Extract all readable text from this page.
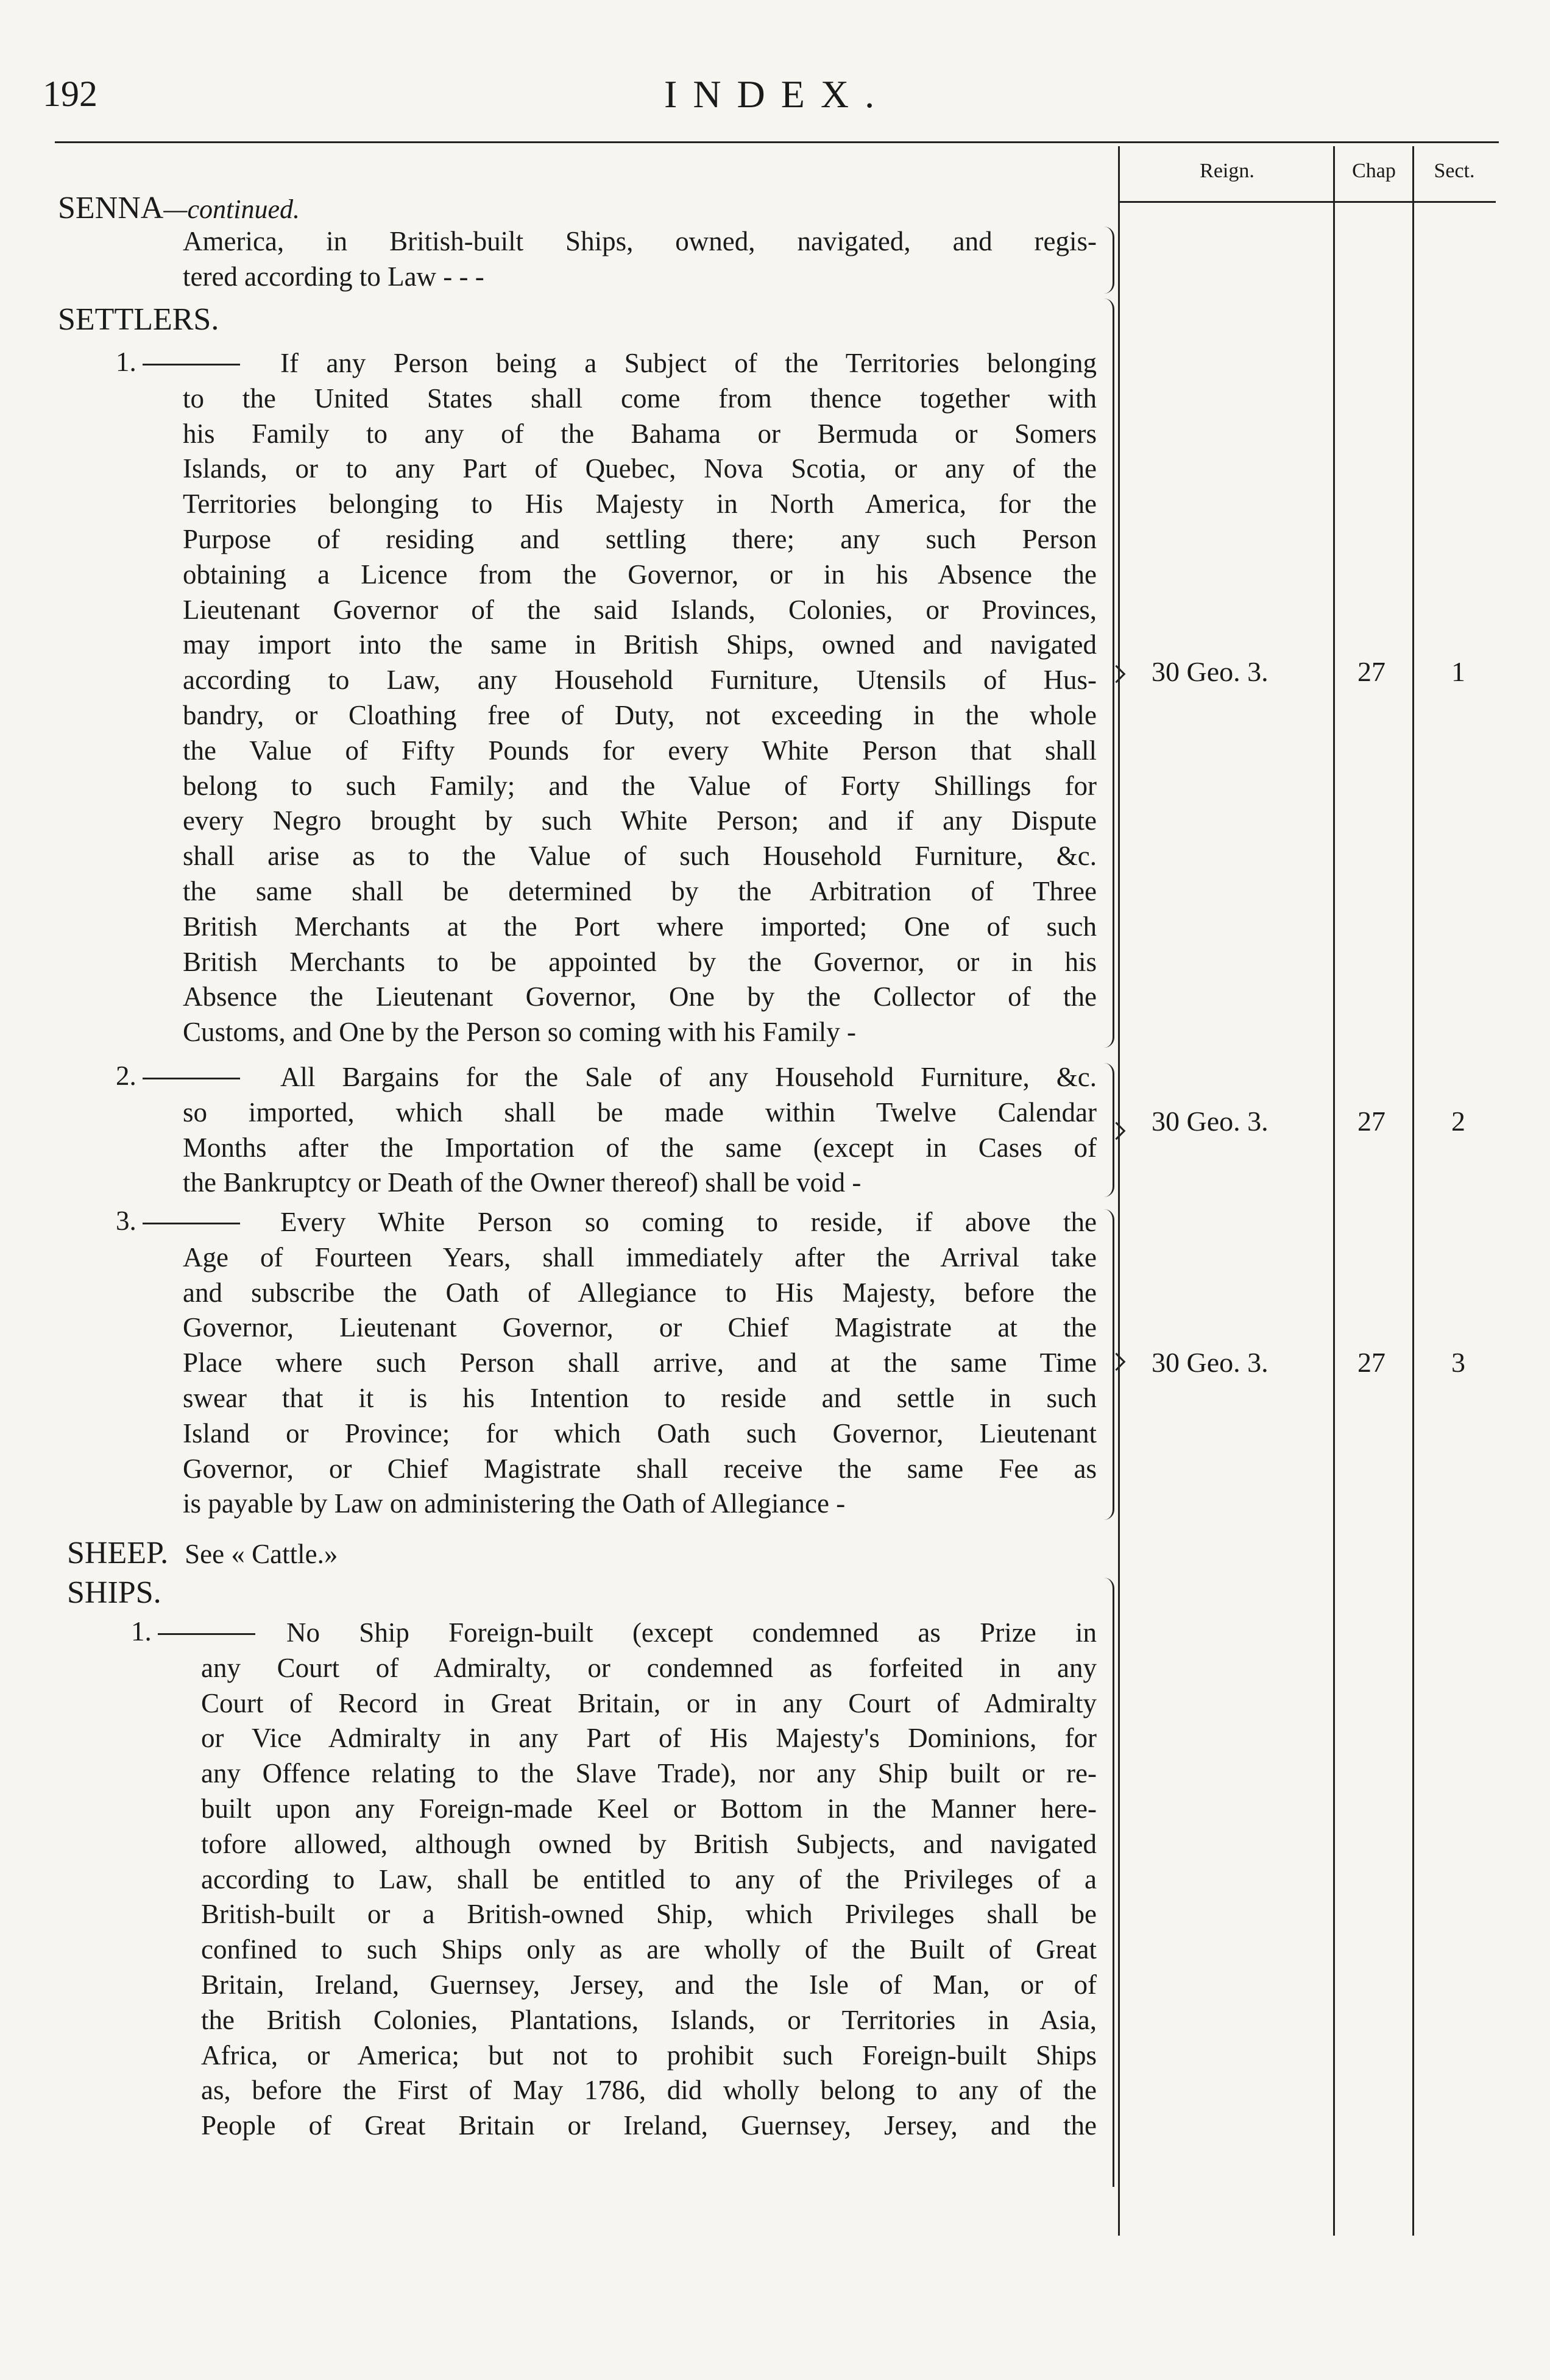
192	INDEX.
Reign.	Chap	Sect.
SENNA—continued.

America, in British-built Ships, owned, navigated, and regis-

tered according to Law - - -

SETTLERS.
1.	If any Person being a Subject of the Territories belonging

to the United States shall come from thence together with

his Family to any of the Bahama or Bermuda or Somers

Islands, or to any Part of Quebec, Nova Scotia, or any of the

Territories belonging to His Majesty in North America, for the

Purpose of residing and settling there; any such Person

obtaining a Licence from the Governor, or in his Absence the

Lieutenant Governor of the said Islands, Colonies, or Provinces,

may import into the same in British Ships, owned and navigated

according to Law, any Household Furniture, Utensils of Hus-

bandry, or Cloathing free of Duty, not exceeding in the whole

the Value of Fifty Pounds for every White Person that shall

belong to such Family; and the Value of Forty Shillings for

every Negro brought by such White Person; and if any Dispute

shall arise as to the Value of such Household Furniture, &c.

the same shall be determined by the Arbitration of Three

British Merchants at the Port where imported; One of such

British Merchants to be appointed by the Governor, or in his

Absence the Lieutenant Governor, One by the Collector of the

Customs, and One by the Person so coming with his Family -

30 Geo. 3.	27 1
2.	All Bargains for the Sale of any Household Furniture, &c.

so imported, which shall be made within Twelve Calendar

Months after the Importation of the same (except in Cases of

the Bankruptcy or Death of the Owner thereof) shall be void -

30 Geo. 3.	27 2
3.	Every White Person so coming to reside, if above the

Age of Fourteen Years, shall immediately after the Arrival take

and subscribe the Oath of Allegiance to His Majesty, before the

Governor, Lieutenant Governor, or Chief Magistrate at the

Place where such Person shall arrive, and at the same Time

swear that it is his Intention to reside and settle in such

Island or Province; for which Oath such Governor, Lieutenant

Governor, or Chief Magistrate shall receive the same Fee as

is payable by Law on administering the Oath of Allegiance -

30 Geo. 3.	27 3
SHEEP. See « Cattle.»
SHIPS.
1.	No Ship Foreign-built (except condemned as Prize in

any Court of Admiralty, or condemned as forfeited in any

Court of Record in Great Britain, or in any Court of Admiralty

or Vice Admiralty in any Part of His Majesty's Dominions, for

any Offence relating to the Slave Trade), nor any Ship built or re-

built upon any Foreign-made Keel or Bottom in the Manner here-

tofore allowed, although owned by British Subjects, and navigated

according to Law, shall be entitled to any of the Privileges of a

British-built or a British-owned Ship, which Privileges shall be

confined to such Ships only as are wholly of the Built of Great

Britain, Ireland, Guernsey, Jersey, and the Isle of Man, or of

the British Colonies, Plantations, Islands, or Territories in Asia,

Africa, or America; but not to prohibit such Foreign-built Ships

as, before the First of May 1786, did wholly belong to any of the

People of Great Britain or Ireland, Guernsey, Jersey, and the
